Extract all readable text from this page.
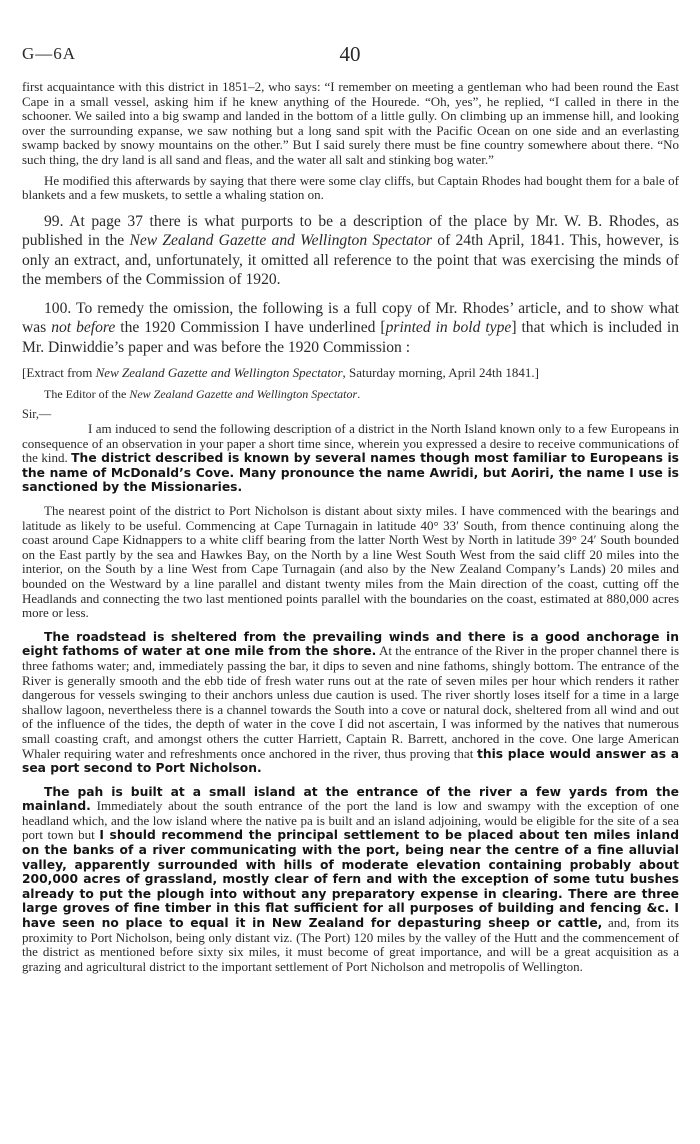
G—6A	40

first acquaintance with this district in 1851–2, who says: “I remember on meeting a gentleman who had been round the East Cape in a small vessel, asking him if he knew anything of the Hourede. “Oh, yes”, he replied, “I called in there in the schooner. We sailed into a big swamp and landed in the bottom of a little gully. On climbing up an immense hill, and looking over the surrounding expanse, we saw nothing but a long sand spit with the Pacific Ocean on one side and an everlasting swamp backed by snowy mountains on the other.” But I said surely there must be fine country somewhere about there. “No such thing, the dry land is all sand and fleas, and the water all salt and stinking bog water.”

He modified this afterwards by saying that there were some clay cliffs, but Captain Rhodes had bought them for a bale of blankets and a few muskets, to settle a whaling station on.

99. At page 37 there is what purports to be a description of the place by Mr. W. B. Rhodes, as published in the New Zealand Gazette and Wellington Spectator of 24th April, 1841. This, however, is only an extract, and, unfortunately, it omitted all reference to the point that was exercising the minds of the members of the Commission of 1920.

100. To remedy the omission, the following is a full copy of Mr. Rhodes’ article, and to show what was not before the 1920 Commission I have underlined [printed in bold type] that which is included in Mr. Dinwiddie’s paper and was before the 1920 Commission :

[Extract from New Zealand Gazette and Wellington Spectator, Saturday morning, April 24th 1841.]

The Editor of the New Zealand Gazette and Wellington Spectator.

Sir,—

I am induced to send the following description of a district in the North Island known only to a few Europeans in consequence of an observation in your paper a short time since, wherein you expressed a desire to receive communications of the kind. The district described is known by several names though most familiar to Europeans is the name of McDonald’s Cove. Many pronounce the name Awridi, but Aoriri, the name I use is sanctioned by the Missionaries.

The nearest point of the district to Port Nicholson is distant about sixty miles. I have commenced with the bearings and latitude as likely to be useful. Commencing at Cape Turnagain in latitude 40° 33′ South, from thence continuing along the coast around Cape Kidnappers to a white cliff bearing from the latter North West by North in latitude 39° 24′ South bounded on the East partly by the sea and Hawkes Bay, on the North by a line West South West from the said cliff 20 miles into the interior, on the South by a line West from Cape Turnagain (and also by the New Zealand Company’s Lands) 20 miles and bounded on the Westward by a line parallel and distant twenty miles from the Main direction of the coast, cutting off the Headlands and connecting the two last mentioned points parallel with the boundaries on the coast, estimated at 880,000 acres more or less.

The roadstead is sheltered from the prevailing winds and there is a good anchorage in eight fathoms of water at one mile from the shore. At the entrance of the River in the proper channel there is three fathoms water; and, immediately passing the bar, it dips to seven and nine fathoms, shingly bottom. The entrance of the River is generally smooth and the ebb tide of fresh water runs out at the rate of seven miles per hour which renders it rather dangerous for vessels swinging to their anchors unless due caution is used. The river shortly loses itself for a time in a large shallow lagoon, nevertheless there is a channel towards the South into a cove or natural dock, sheltered from all wind and out of the influence of the tides, the depth of water in the cove I did not ascertain, I was informed by the natives that numerous small coasting craft, and amongst others the cutter Harriett, Captain R. Barrett, anchored in the cove. One large American Whaler requiring water and refreshments once anchored in the river, thus proving that this place would answer as a sea port second to Port Nicholson.

The pah is built at a small island at the entrance of the river a few yards from the mainland. Immediately about the south entrance of the port the land is low and swampy with the exception of one headland which, and the low island where the native pa is built and an island adjoining, would be eligible for the site of a sea port town but I should recommend the principal settlement to be placed about ten miles inland on the banks of a river communicating with the port, being near the centre of a fine alluvial valley, apparently surrounded with hills of moderate elevation containing probably about 200,000 acres of grassland, mostly clear of fern and with the exception of some tutu bushes already to put the plough into without any preparatory expense in clearing. There are three large groves of fine timber in this flat sufficient for all purposes of building and fencing &c. I have seen no place to equal it in New Zealand for depasturing sheep or cattle, and, from its proximity to Port Nicholson, being only distant viz. (The Port) 120 miles by the valley of the Hutt and the commencement of the district as mentioned before sixty six miles, it must become of great importance, and will be a great acquisition as a grazing and agricultural district to the important settlement of Port Nicholson and metropolis of Wellington.
